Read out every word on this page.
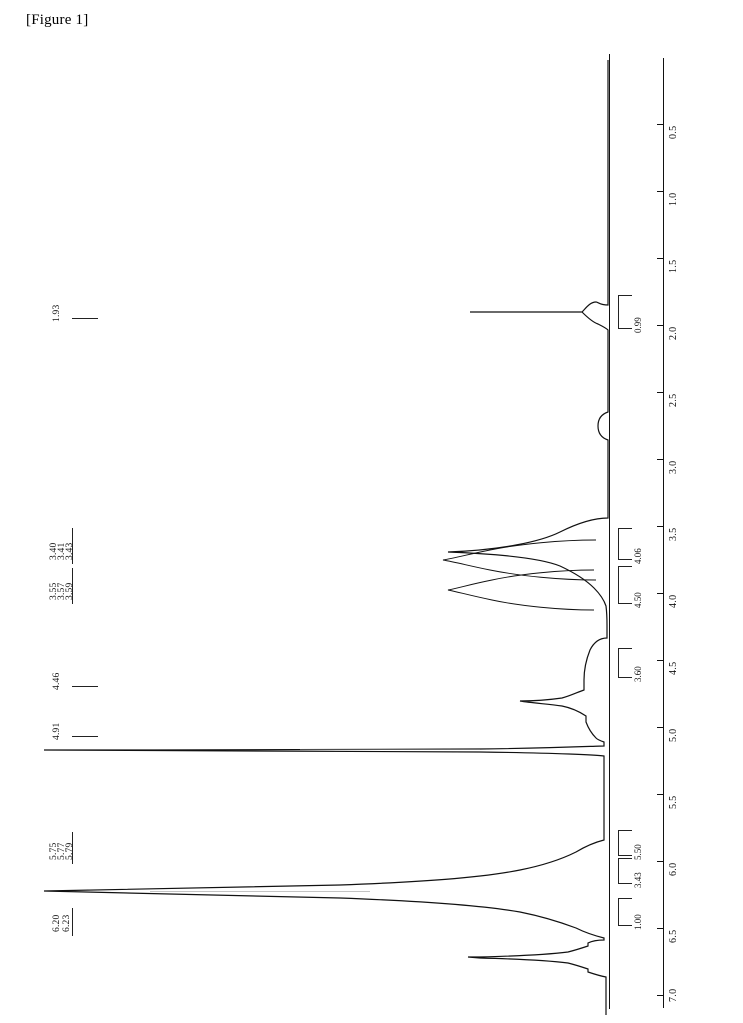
[Figure 1]
7.0
6.5
6.0
5.5
5.0
4.5
4.0
3.5
3.0
2.5
2.0
1.5
1.0
0.5
0.99
4.06
4.50
3.60
5.50
3.43
1.00
1.93
3.40
3.41
3.43
3.55
3.57
3.59
4.46
4.91
5.75
5.77
5.79
6.20 6.23
